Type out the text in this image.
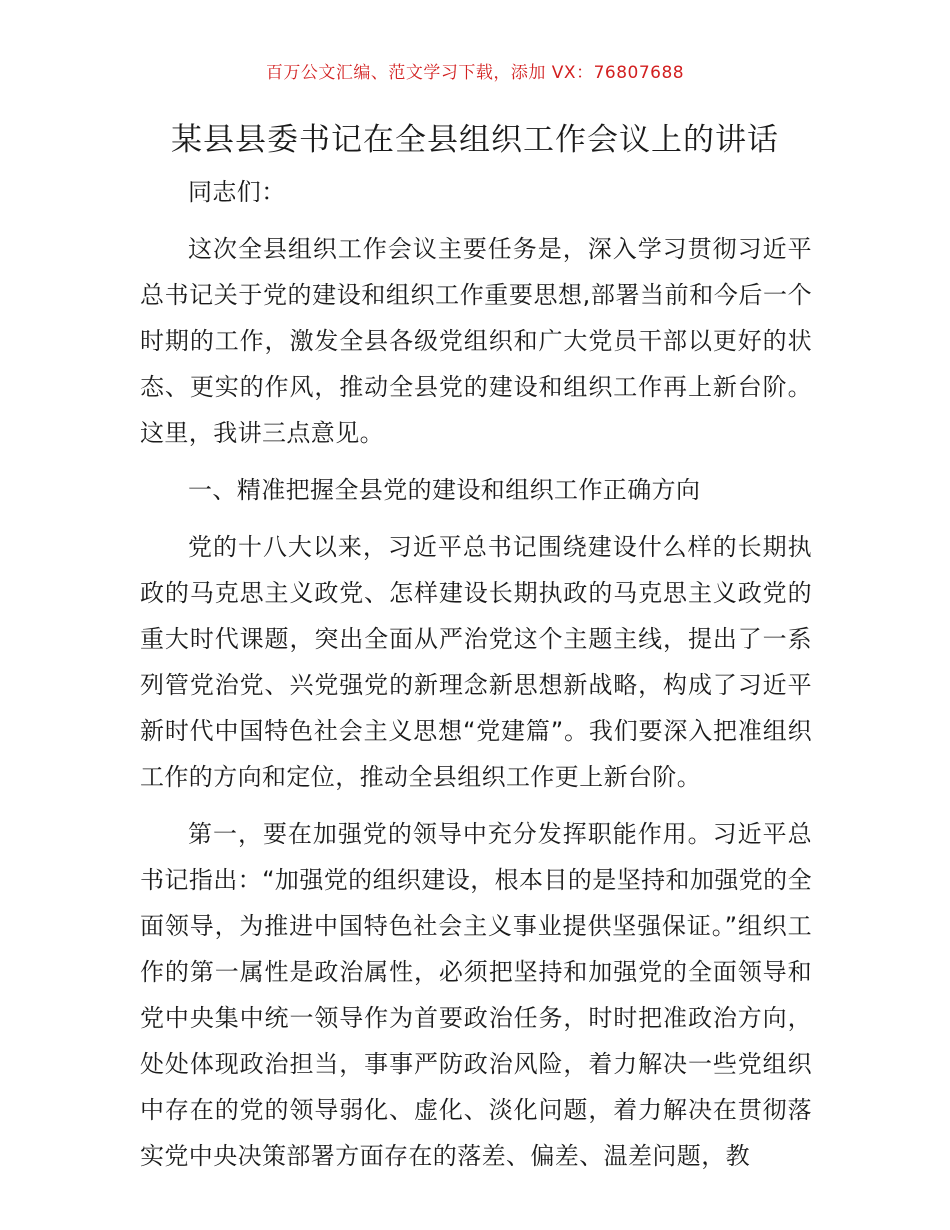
百万公文汇编、范文学习下载，添加 VX：76807688
某县县委书记在全县组织工作会议上的讲话

同志们：

这次全县组织工作会议主要任务是，深入学习贯彻习近平总书记关于党的建设和组织工作重要思想,部署当前和今后一个时期的工作，激发全县各级党组织和广大党员干部以更好的状态、更实的作风，推动全县党的建设和组织工作再上新台阶。这里，我讲三点意见。

一、精准把握全县党的建设和组织工作正确方向

党的十八大以来，习近平总书记围绕建设什么样的长期执政的马克思主义政党、怎样建设长期执政的马克思主义政党的重大时代课题，突出全面从严治党这个主题主线，提出了一系列管党治党、兴党强党的新理念新思想新战略，构成了习近平新时代中国特色社会主义思想“党建篇”。我们要深入把准组织工作的方向和定位，推动全县组织工作更上新台阶。

第一，要在加强党的领导中充分发挥职能作用。习近平总书记指出：“加强党的组织建设，根本目的是坚持和加强党的全面领导，为推进中国特色社会主义事业提供坚强保证。”组织工作的第一属性是政治属性，必须把坚持和加强党的全面领导和党中央集中统一领导作为首要政治任务，时时把准政治方向，处处体现政治担当，事事严防政治风险，着力解决一些党组织中存在的党的领导弱化、虚化、淡化问题，着力解决在贯彻落实党中央决策部署方面存在的落差、偏差、温差问题，教
